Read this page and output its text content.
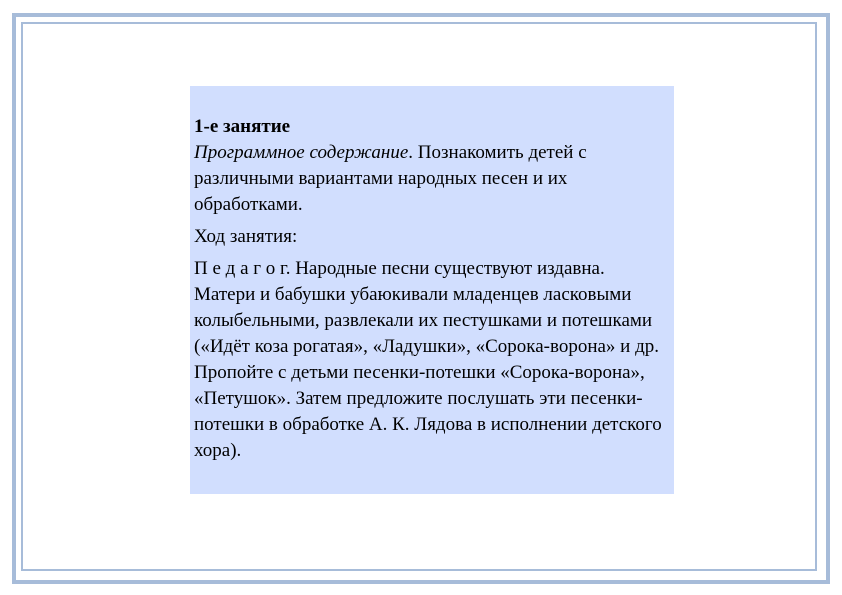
1-е занятие

Программное содержание. Познакомить детей с различными вариантами народных песен и их обработками.

Ход занятия:

П е д а г о г. Народные песни существуют издавна. Матери и бабушки убаюкивали младенцев ласковыми колыбельными, развлекали их пестушками и потешками («Идёт коза рогатая», «Ладушки», «Сорока-ворона» и др. Пропойте с детьми песенки-потешки «Сорока-ворона», «Петушок». Затем предложите послушать эти песенки-потешки в обработке А. К. Лядова в исполнении детского хора).
